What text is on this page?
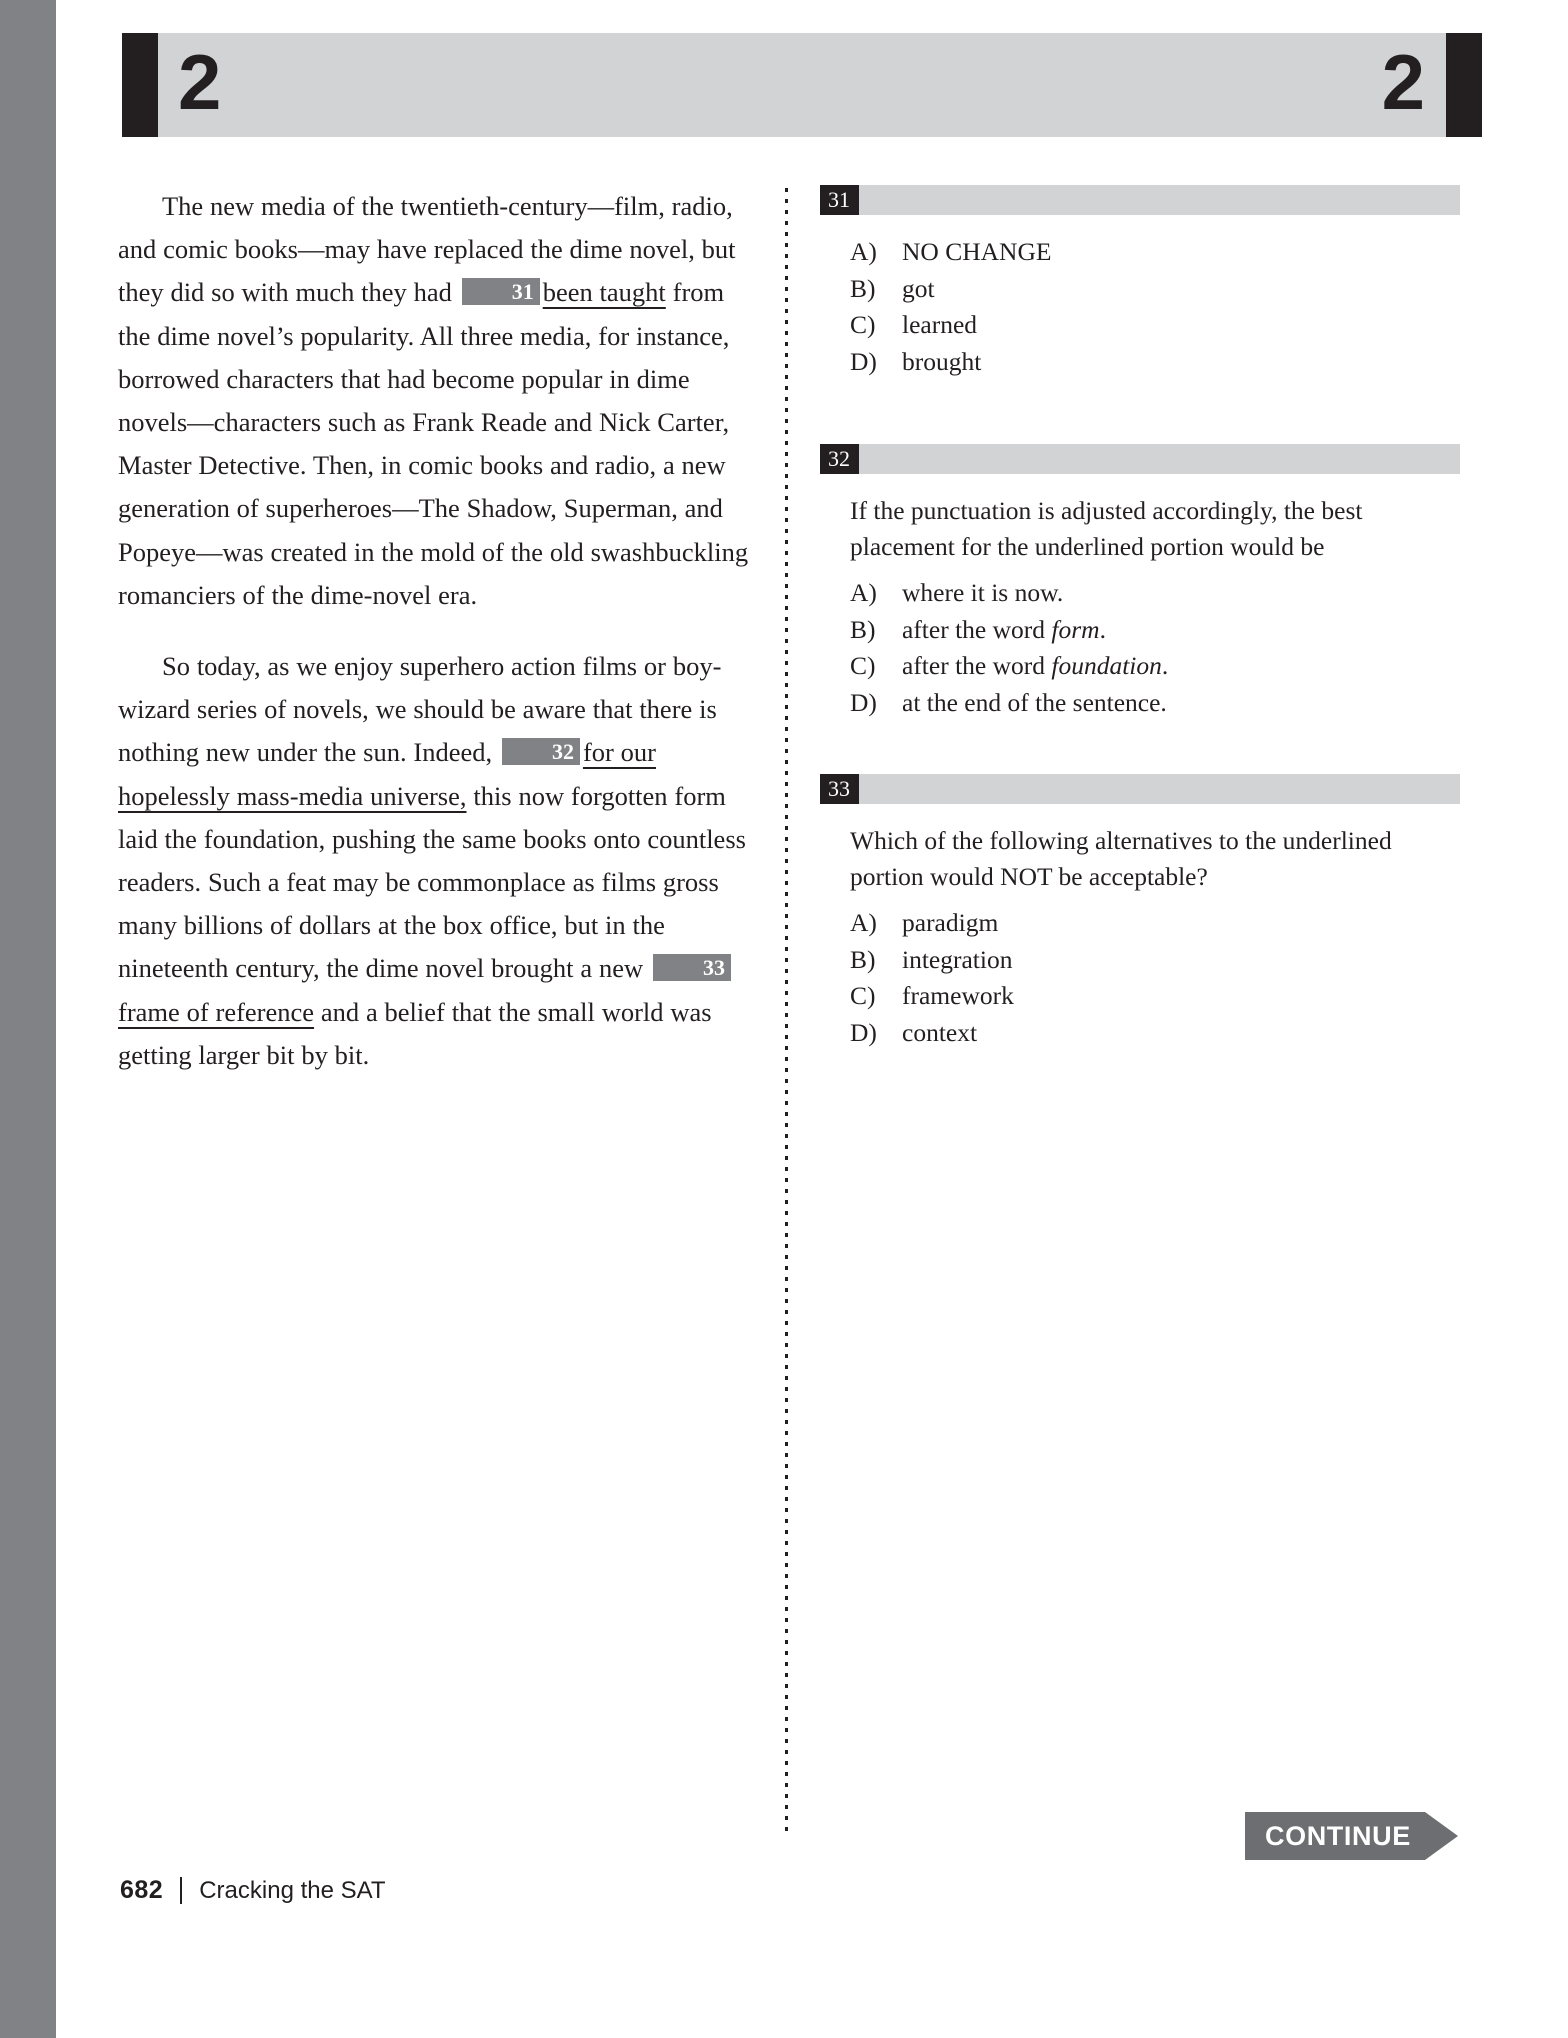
2	2

The new media of the twentieth-century—film, radio, and comic books—may have replaced the dime novel, but they did so with much they had 31 been taught from the dime novel’s popularity. All three media, for instance, borrowed characters that had become popular in dime novels—characters such as Frank Reade and Nick Carter, Master Detective. Then, in comic books and radio, a new generation of superheroes—The Shadow, Superman, and Popeye—was created in the mold of the old swashbuckling romanciers of the dime-novel era.

So today, as we enjoy superhero action films or boy-wizard series of novels, we should be aware that there is nothing new under the sun. Indeed, 32 for our hopelessly mass-media universe, this now forgotten form laid the foundation, pushing the same books onto countless readers. Such a feat may be commonplace as films gross many billions of dollars at the box office, but in the nineteenth century, the dime novel brought a new 33frame of reference and a belief that the small world was getting larger bit by bit.

31
A) NO CHANGE
B)	got
C)	learned
D) brought
32
If the punctuation is adjusted accordingly, the best placement for the underlined portion would be
A) where it is now.
B)	after the word form.
C)	after the word foundation.
D) at the end of the sentence.
33
Which of the following alternatives to the underlined portion would NOT be acceptable?
A) paradigm
B)	integration
C)	framework
D) context
CONTINUE
682 Cracking the SAT
